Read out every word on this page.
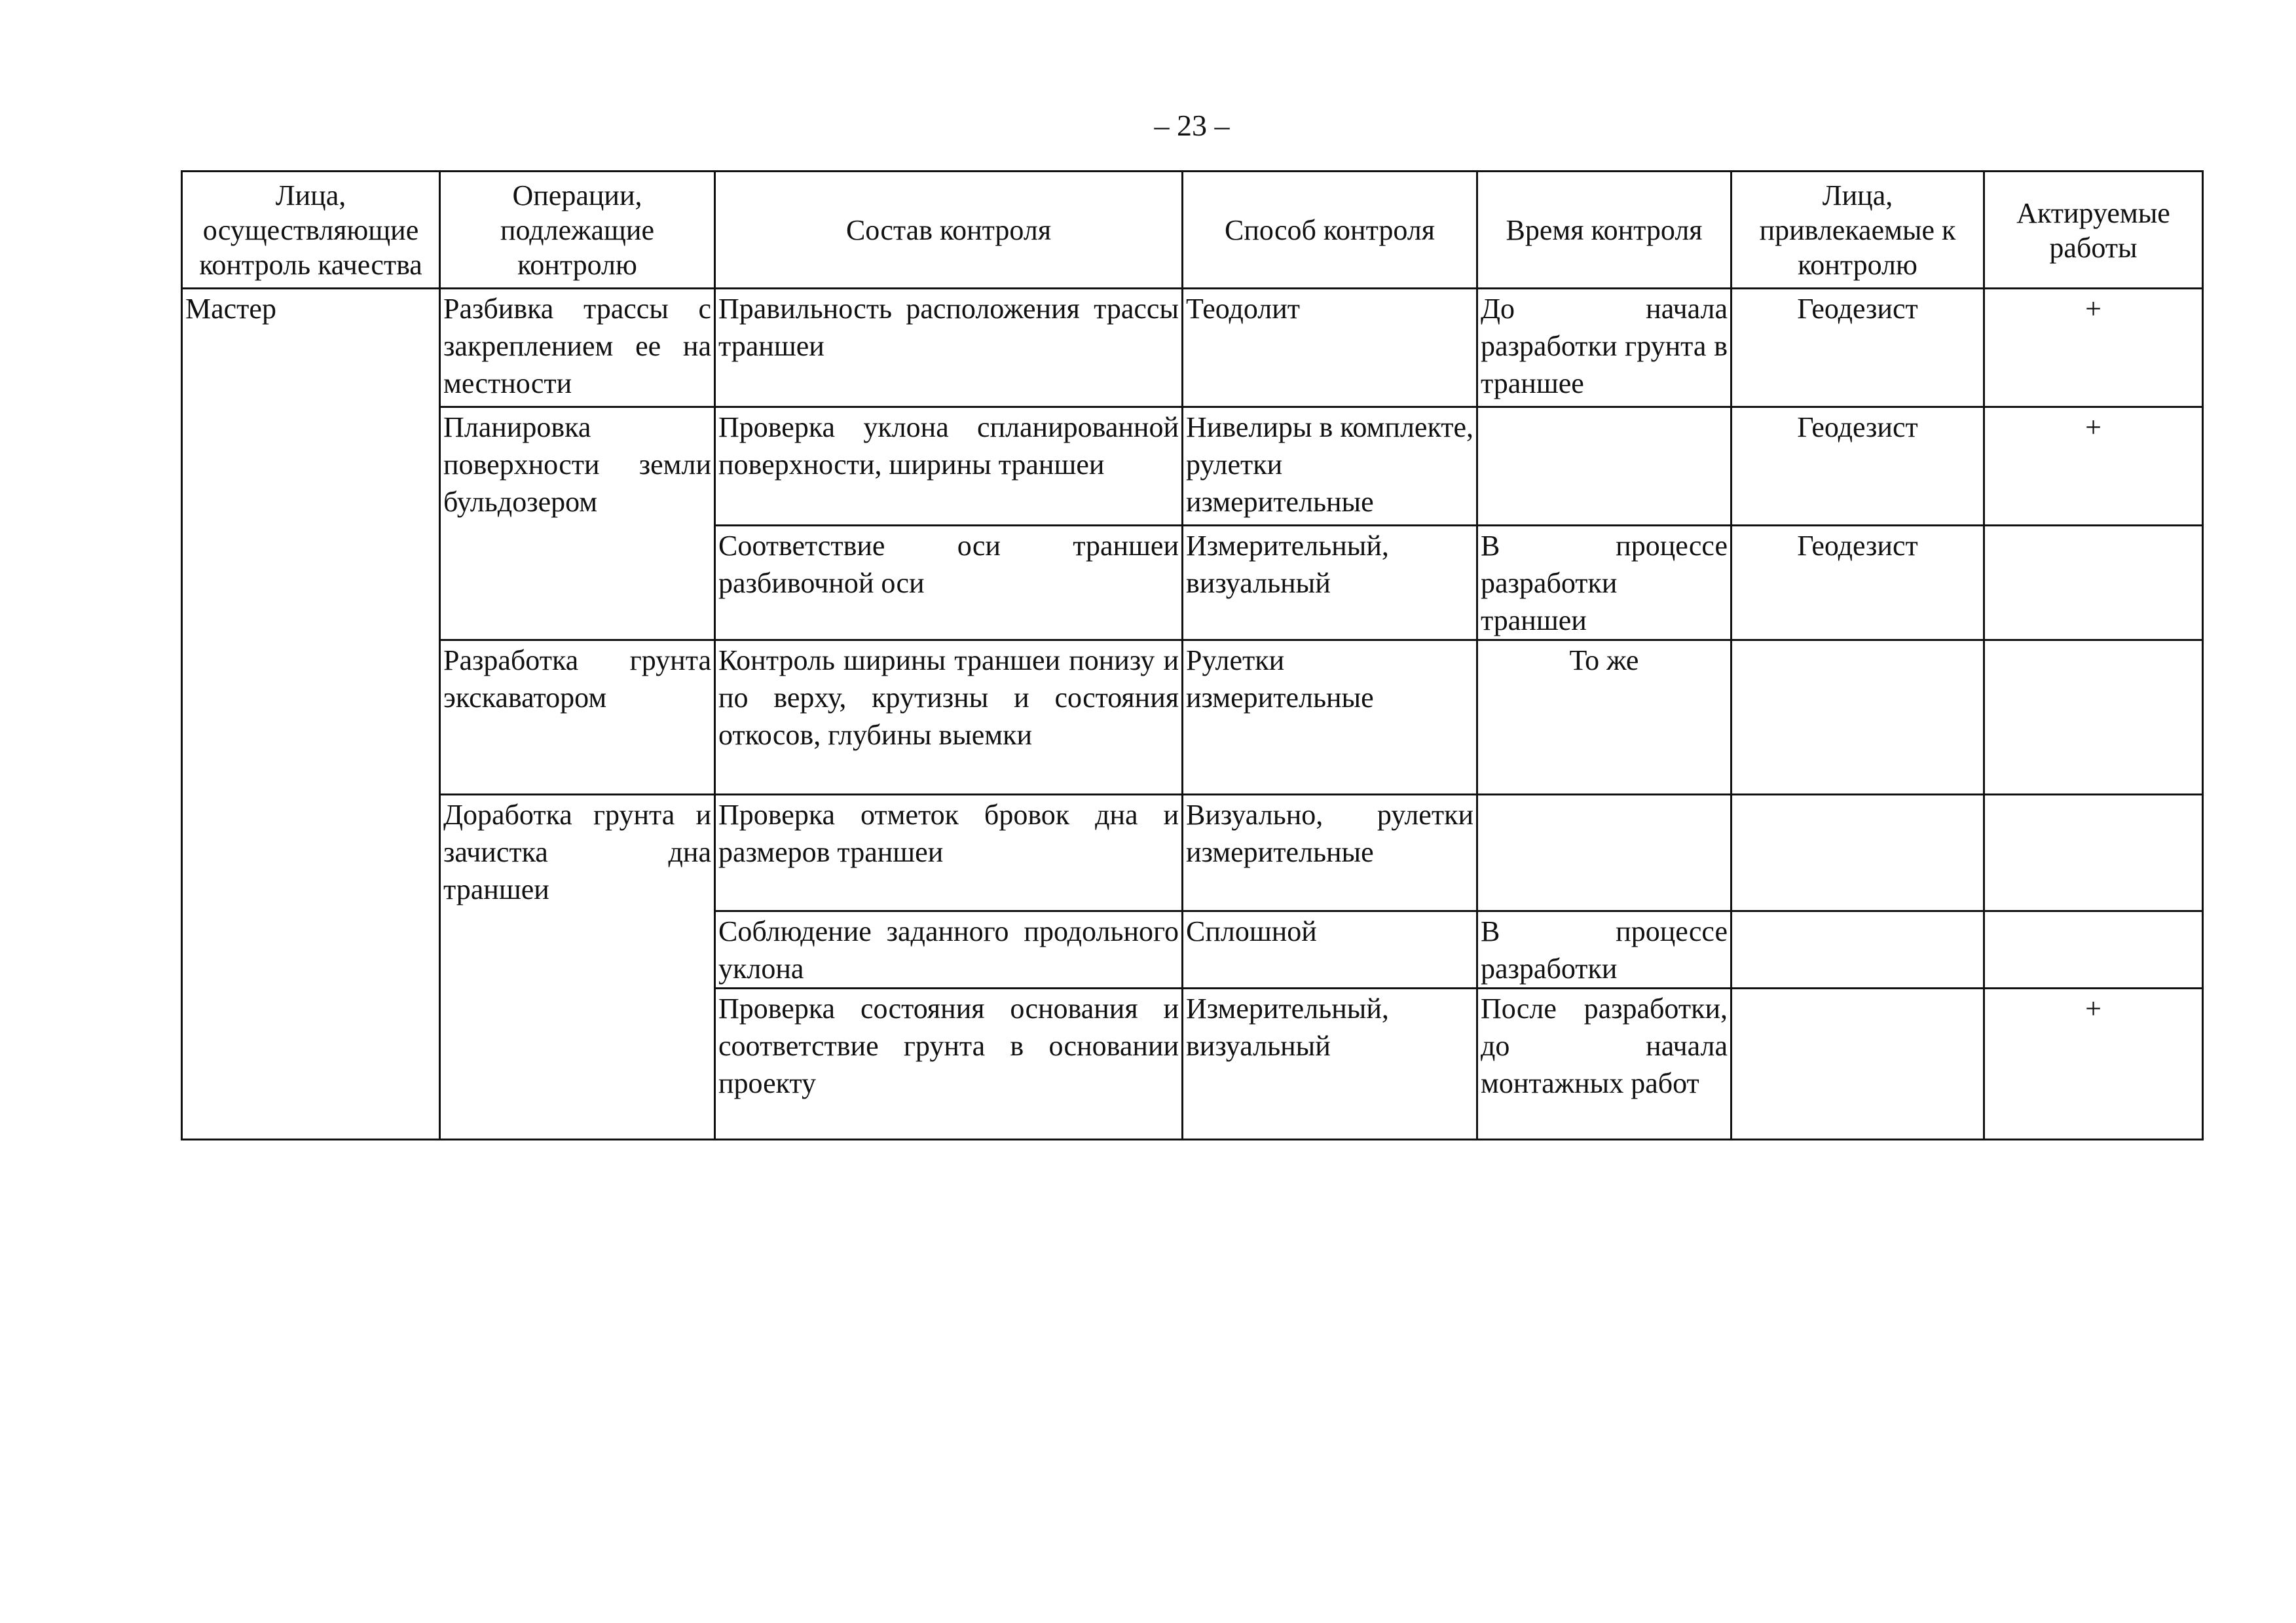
– 23 –
Лица, осуществляющие контроль качества	Операции, подлежащие контролю	Состав контроля	Способ контроля	Время контроля	Лица, привлекаемые к контролю	Актируемые работы
Мастер	Разбивка трассы с закреплением ее на местности	Правильность расположения трассы траншеи	Теодолит	До начала разработки грунта в траншее	Геодезист	+
	Планировка поверхности земли бульдозером	Проверка уклона спланированной поверхности, ширины траншеи	Нивелиры в комплекте, рулетки измерительные		Геодезист	+
		Соответствие оси траншеи разбивочной оси	Измерительный, визуальный	В процессе разработки траншеи	Геодезист	
	Разработка грунта экскаватором	Контроль ширины траншеи понизу и по верху, крутизны и состояния откосов, глубины выемки	Рулетки измерительные	То же		
	Доработка грунта и зачистка дна траншеи	Проверка отметок бровок дна и размеров траншеи	Визуально, рулетки измерительные			
		Соблюдение заданного продольного уклона	Сплошной	В процессе разработки		
		Проверка состояния основания и соответствие грунта в основании проекту	Измерительный, визуальный	После разработки, до начала монтажных работ		+
